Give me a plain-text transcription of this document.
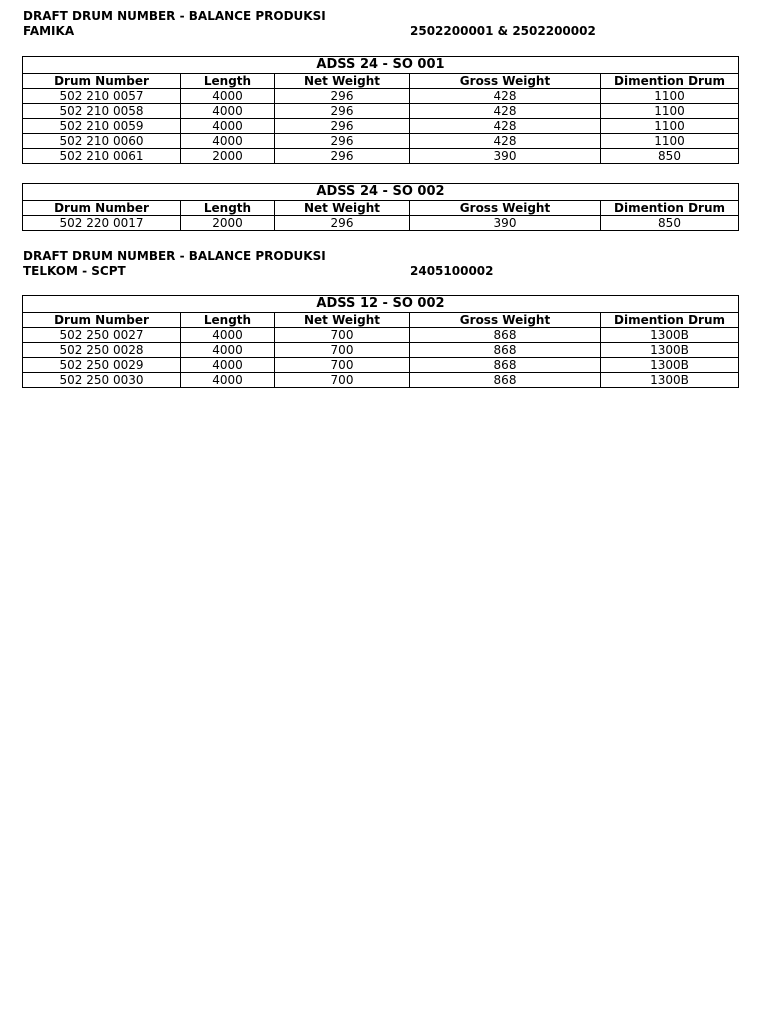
DRAFT DRUM NUMBER - BALANCE PRODUKSI
FAMIKA	2502200001 & 2502200002
ADSS 24 - SO 001				
Drum Number	Length	Net Weight	Gross Weight	Dimention Drum
502 210 0057	4000	296	428	1100
502 210 0058	4000	296	428	1100
502 210 0059	4000	296	428	1100
502 210 0060	4000	296	428	1100
502 210 0061	2000	296	390	850
ADSS 24 - SO 002				
Drum Number	Length	Net Weight	Gross Weight	Dimention Drum
502 220 0017	2000	296	390	850
DRAFT DRUM NUMBER - BALANCE PRODUKSI
TELKOM - SCPT	2405100002
ADSS 12 - SO 002				
Drum Number	Length	Net Weight	Gross Weight	Dimention Drum
502 250 0027	4000	700	868	1300B
502 250 0028	4000	700	868	1300B
502 250 0029	4000	700	868	1300B
502 250 0030	4000	700	868	1300B
